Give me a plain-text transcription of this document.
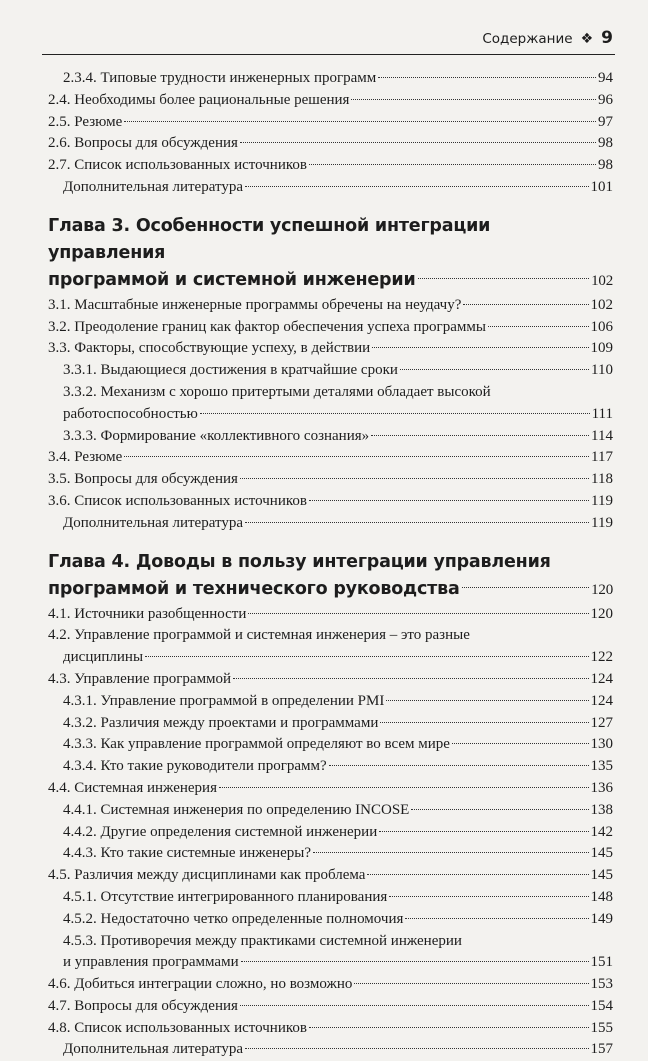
Содержание ❖ 9
2.3.4. Типовые трудности инженерных программ	94
2.4. Необходимы более рациональные решения	96
2.5. Резюме	97
2.6. Вопросы для обсуждения	98
2.7. Список использованных источников	98
Дополнительная литература	101
Глава 3. Особенности успешной интеграции управления
программой и системной инженерии	102
3.1. Масштабные инженерные программы обречены на неудачу?	102
3.2. Преодоление границ как фактор обеспечения успеха программы	106
3.3. Факторы, способствующие успеху, в действии	109
3.3.1. Выдающиеся достижения в кратчайшие сроки	110
3.3.2. Механизм с хорошо притертыми деталями обладает высокой
работоспособностью	111
3.3.3. Формирование «коллективного сознания»	114
3.4. Резюме	117
3.5. Вопросы для обсуждения	118
3.6. Список использованных источников	119
Дополнительная литература	119
Глава 4. Доводы в пользу интеграции управления
программой и технического руководства	120
4.1. Источники разобщенности	120
4.2. Управление программой и системная инженерия – это разные
дисциплины	122
4.3. Управление программой	124
4.3.1. Управление программой в определении PMI	124
4.3.2. Различия между проектами и программами	127
4.3.3. Как управление программой определяют во всем мире	130
4.3.4. Кто такие руководители программ?	135
4.4. Системная инженерия	136
4.4.1. Системная инженерия по определению INCOSE	138
4.4.2. Другие определения системной инженерии	142
4.4.3. Кто такие системные инженеры?	145
4.5. Различия между дисциплинами как проблема	145
4.5.1. Отсутствие интегрированного планирования	148
4.5.2. Недостаточно четко определенные полномочия	149
4.5.3. Противоречия между практиками системной инженерии
и управления программами	151
4.6. Добиться интеграции сложно, но возможно	153
4.7. Вопросы для обсуждения	154
4.8. Список использованных источников	155
Дополнительная литература	157
